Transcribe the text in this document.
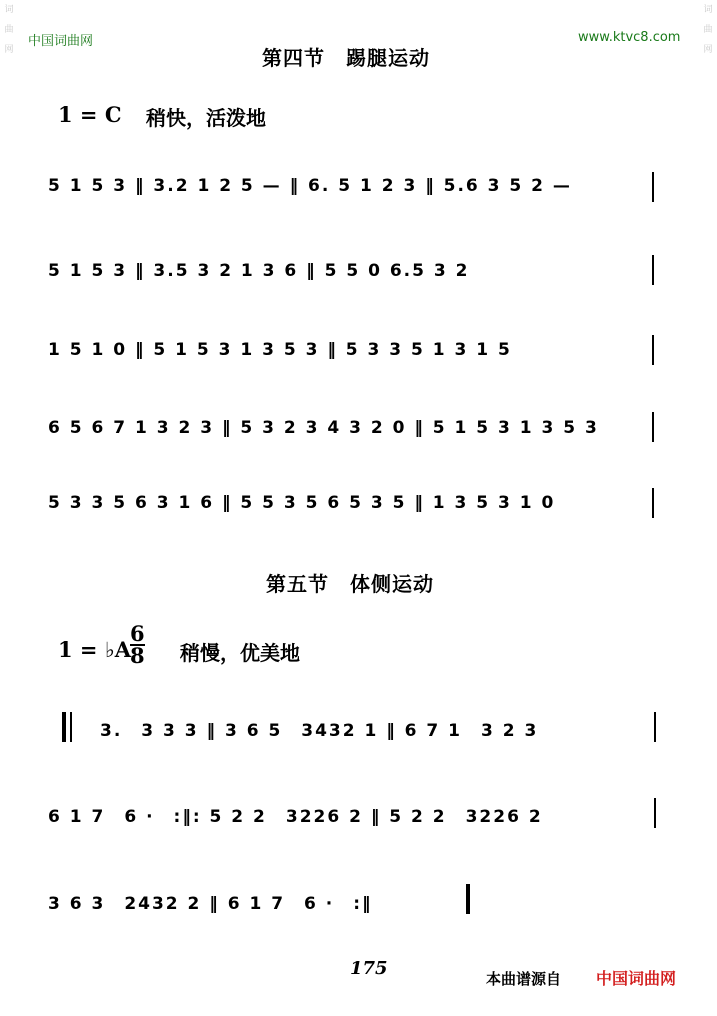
词
曲
网
词
曲
网
中国词曲网	www.ktvc8.com
第四节　踢腿运动
1 = C 稍快，活泼地
5 1 5 3 ‖ 3.2 1 2 5 — ‖ 6. 5 1 2 3 ‖ 5.6 3 5 2 —
5 1 5 3 ‖ 3.5 3 2 1 3 6 ‖ 5 5 0 6.5 3 2
1 5 1 0 ‖ 5 1 5 3 1 3 5 3 ‖ 5 3 3 5 1 3 1 5
6 5 6 7 1 3 2 3 ‖ 5 3 2 3 4 3 2 0 ‖ 5 1 5 3 1 3 5 3
5 3 3 5 6 3 1 6 ‖ 5 5 3 5 6 5 3 5 ‖ 1 3 5 3 1 0
第五节　体侧运动
1 = ♭A
$\frac{6}{8}$ 稍慢，优美地
3.　3 3 3 ‖ 3 6 5　3432 1 ‖ 6 7 1　3 2 3
6 1 7　6 ·　:‖: 5 2 2　3226 2 ‖ 5 2 2　3226 2
3 6 3　2432 2 ‖ 6 1 7　6 ·　:‖
175	本曲谱源自 中国词曲网
